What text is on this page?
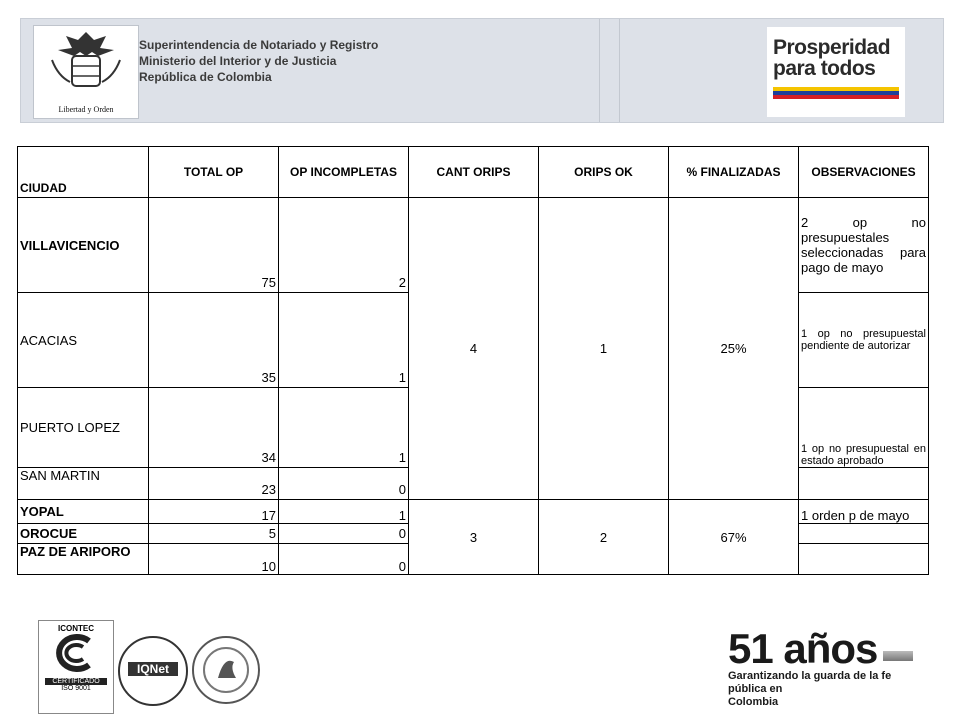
Libertad y Orden
Superintendencia de Notariado y Registro
Ministerio del Interior y de Justicia
República de Colombia
Prosperidad
para todos
CIUDAD	TOTAL OP	OP INCOMPLETAS	CANT ORIPS	ORIPS OK	% FINALIZADAS	OBSERVACIONES
VILLAVICENCIO	75	2	4	1	25%	2 op no presupuestales seleccionadas para pago de mayo
ACACIAS	35	1				1 op no presupuestal pendiente de autorizar
PUERTO LOPEZ	34	1				1 op no presupuestal en estado aprobado
SAN MARTIN	23	0				
YOPAL	17	1	3	2	67%	1 orden p de mayo
OROCUE	5	0				
PAZ DE ARIPORO	10	0				
ICONTEC
CERTIFICADO
ISO 9001
IQNet	51 años
Garantizando la guarda de la fe pública en
Colombia
